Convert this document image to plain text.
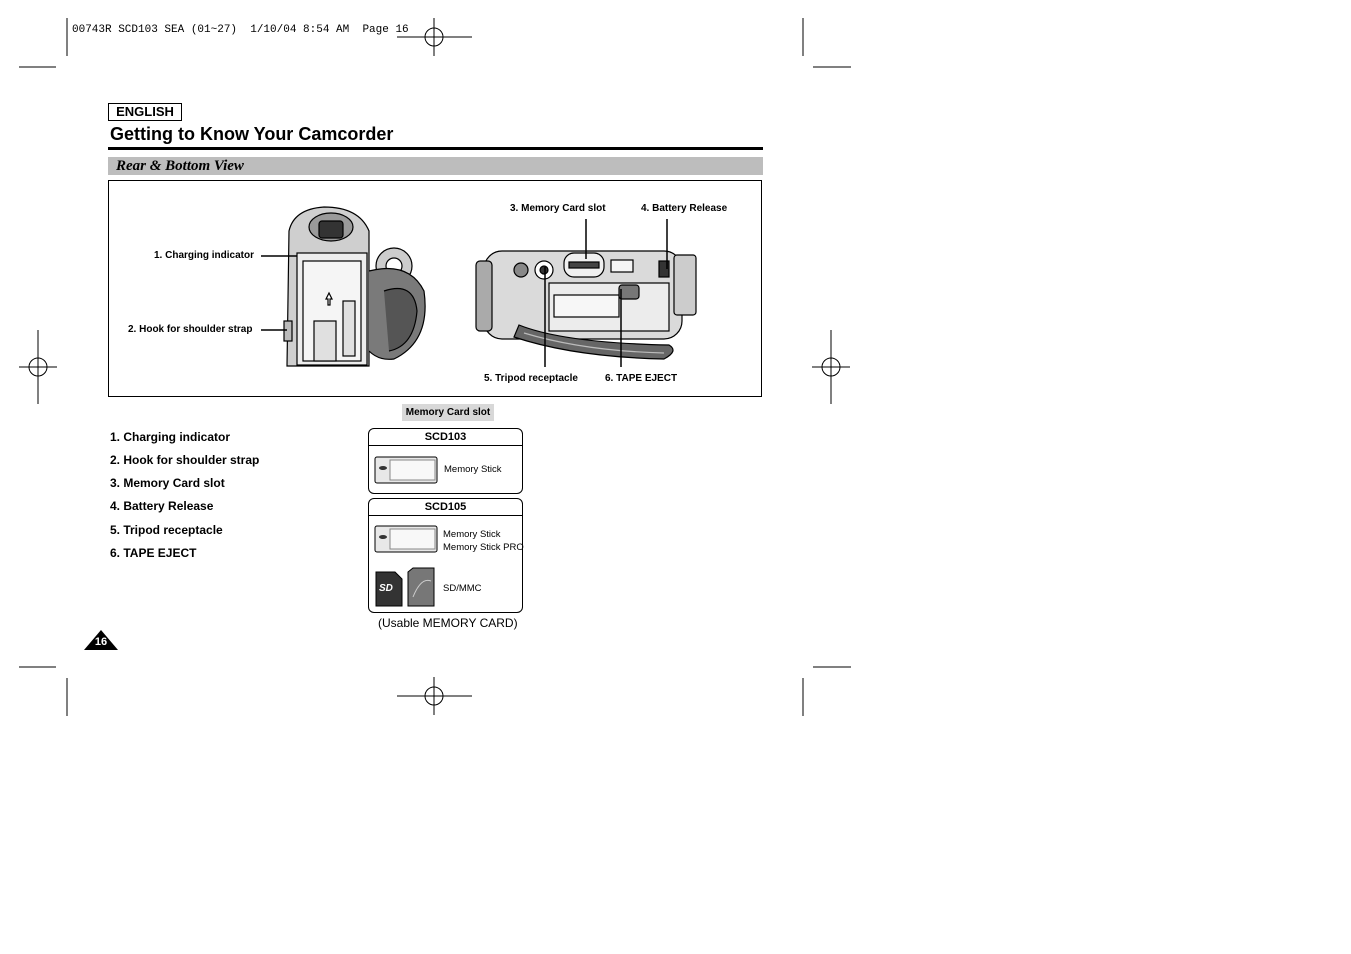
00743R SCD103 SEA (01~27)  1/10/04 8:54 AM  Page 16
ENGLISH
Getting to Know Your Camcorder
Rear & Bottom View
1. Charging indicator
2. Hook for shoulder strap
3. Memory Card slot	4. Battery Release
5. Tripod receptacle	6. TAPE EJECT
1. Charging indicator
2. Hook for shoulder strap
3. Memory Card slot
4. Battery Release
5. Tripod receptacle
6. TAPE EJECT
Memory Card slot
SCD103
Memory Stick
SCD105
Memory Stick
Memory Stick PRO
SD	SD/MMC
(Usable MEMORY CARD)
16
